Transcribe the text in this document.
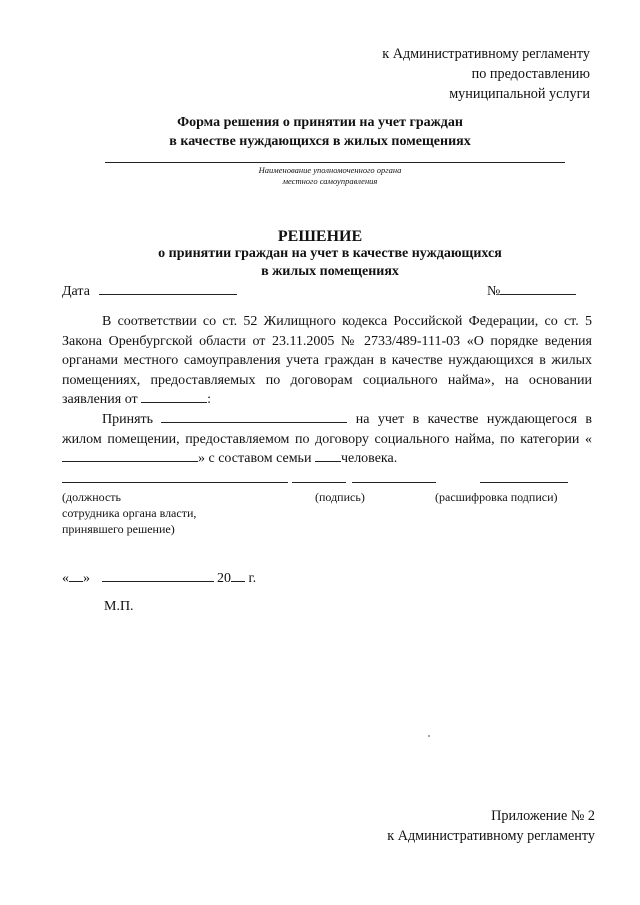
к Административному регламенту
по предоставлению
муниципальной услуги
Форма решения о принятии на учет граждан
в качестве нуждающихся в жилых помещениях
Наименование уполномоченного органа
местного самоуправления
РЕШЕНИЕ
о принятии граждан на учет в качестве нуждающихся
в жилых помещениях
Дата	№

В соответствии со ст. 52 Жилищного кодекса Российской Федерации, со ст. 5 Закона Оренбургской области от 23.11.2005 № 2733/489-111-03 «О порядке ведения органами местного самоуправления учета граждан в качестве нуждающихся в жилых помещениях, предоставляемых по договорам социального найма», на основании заявления от	:

Принять	на учет в качестве нуждающегося в жилом помещении, предоставляемом по договору социального найма, по категории «» с составом семьи человека.

(должность
сотрудника органа власти,
принявшего решение)
(подпись)	(расшифровка подписи)
« »	20 г.
М.П.
Приложение № 2
к Административному регламенту
